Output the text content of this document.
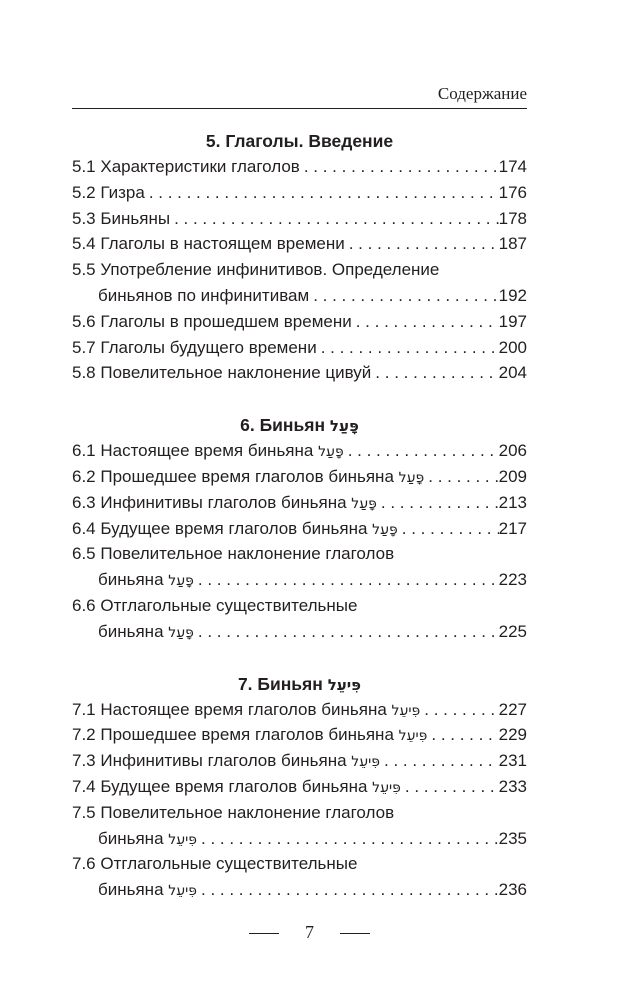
Содержание
5. Глаголы. Введение
5.1 Характеристики глаголов . . .	174
5.2 Гизра . . .	176
5.3 Биньяны . . .	178
5.4 Глаголы в настоящем времени . . .	187
5.5 Употребление инфинитивов. Определение
биньянов по инфинитивам . . .	192
5.6 Глаголы в прошедшем времени . . .	197
5.7 Глаголы будущего времени . . .	200
5.8 Повелительное наклонение цивуй . . .	204
6. Биньян פָּעַל
6.1 Настоящее время биньяна פָּעַל . . .	206
6.2 Прошедшее время глаголов биньяна פָּעַל . . .	209
6.3 Инфинитивы глаголов биньяна פָּעַל . . .	213
6.4 Будущее время глаголов биньяна פָּעַל . . .	217
6.5 Повелительное наклонение глаголов
биньяна פָּעַל . . .	223
6.6 Отглагольные существительные
биньяна פָּעַל . . .	225
7. Биньян פִּיעֵל
7.1 Настоящее время глаголов биньяна פִּיעֵל . . .	227
7.2 Прошедшее время глаголов биньяна פִּיעֵל . . .	229
7.3 Инфинитивы глаголов биньяна פִּיעֵל . . .	231
7.4 Будущее время глаголов биньяна פִּיעֵל . . .	233
7.5 Повелительное наклонение глаголов
биньяна פִּיעֵל . . .	235
7.6 Отглагольные существительные
биньяна פִּיעֵל . . .	236
7
